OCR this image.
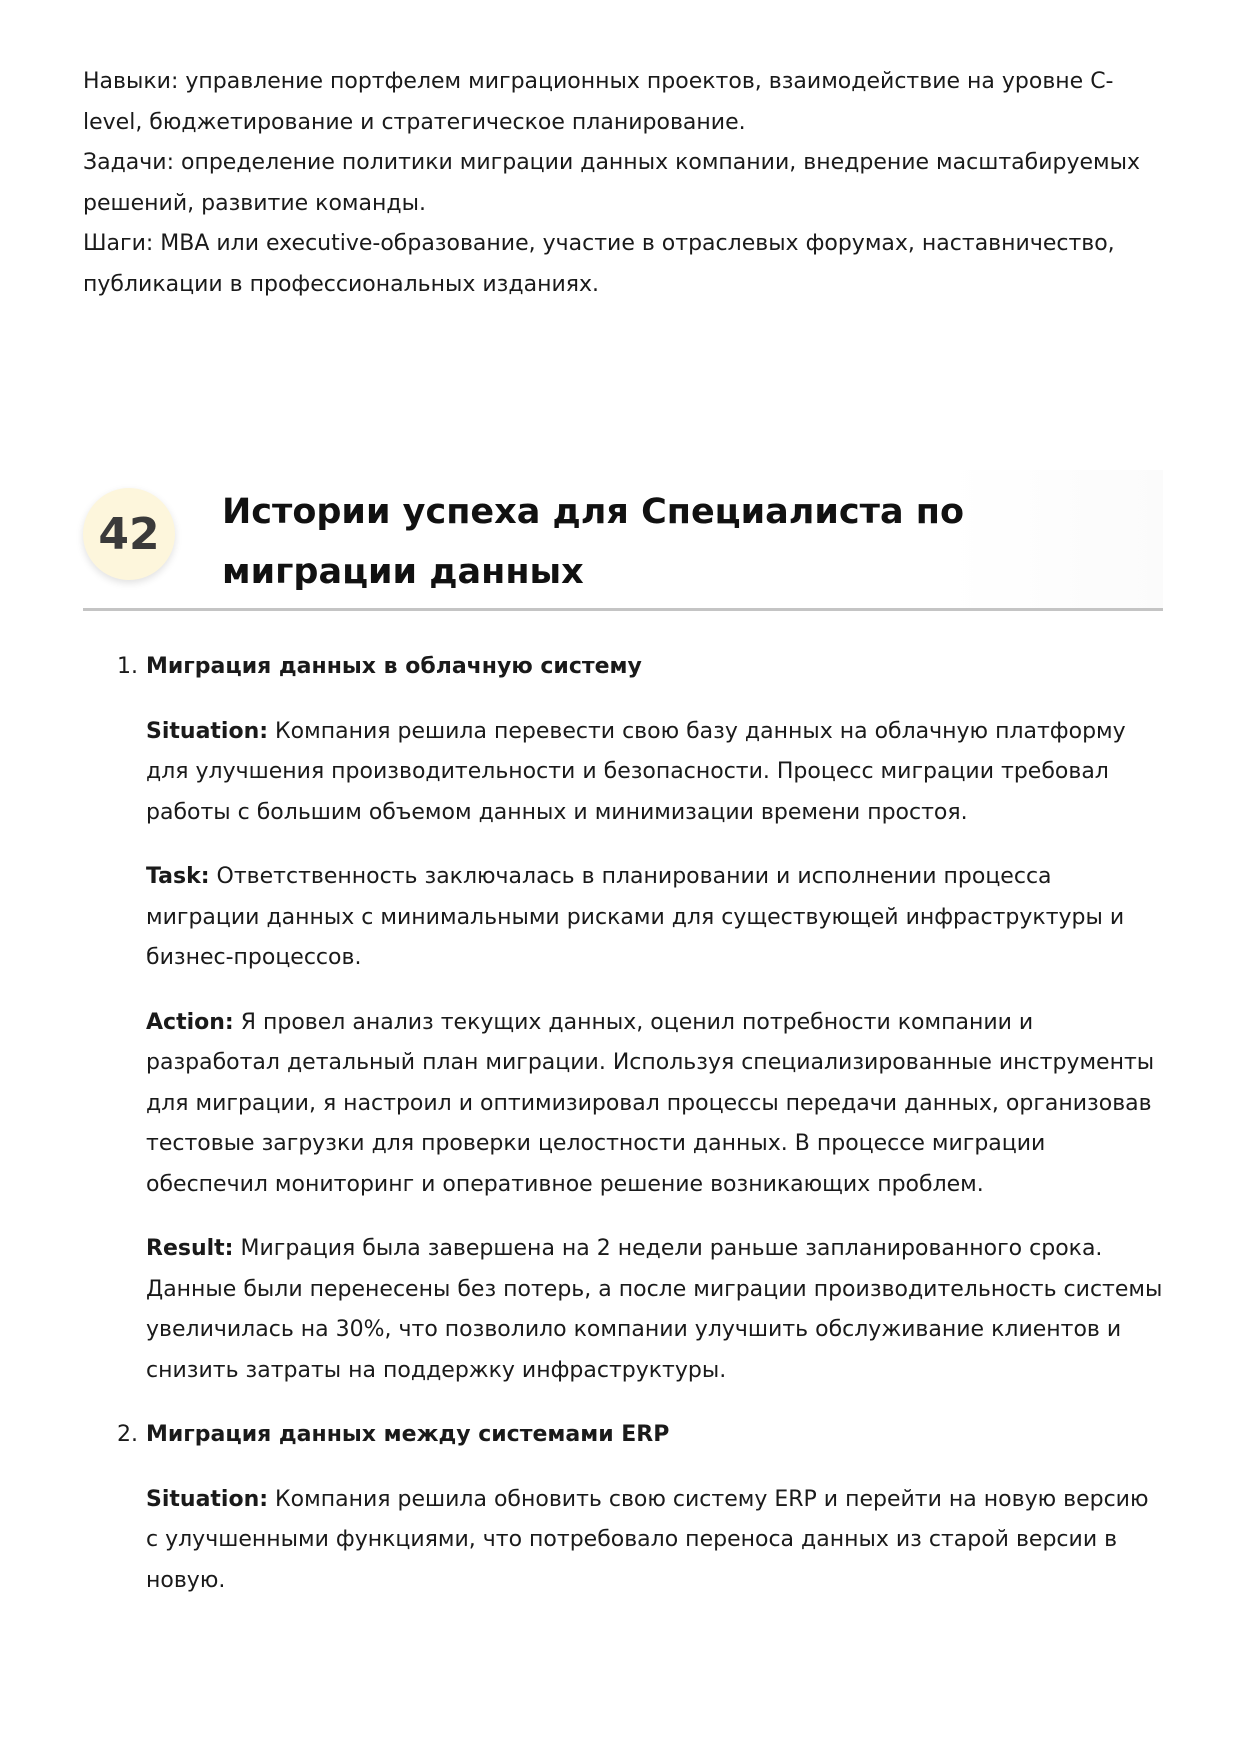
Навыки: управление портфелем миграционных проектов, взаимодействие на уровне C-level, бюджетирование и стратегическое планирование.

Задачи: определение политики миграции данных компании, внедрение масштабируемых решений, развитие команды.

Шаги: MBA или executive-образование, участие в отраслевых форумах, наставничество, публикации в профессиональных изданиях.

42	Истории успеха для Специалиста по миграции данных
1. Миграция данных в облачную систему

Situation: Компания решила перевести свою базу данных на облачную платформу для улучшения производительности и безопасности. Процесс миграции требовал работы с большим объемом данных и минимизации времени простоя.

Task: Ответственность заключалась в планировании и исполнении процесса миграции данных с минимальными рисками для существующей инфраструктуры и бизнес-процессов.

Action: Я провел анализ текущих данных, оценил потребности компании и разработал детальный план миграции. Используя специализированные инструменты для миграции, я настроил и оптимизировал процессы передачи данных, организовав тестовые загрузки для проверки целостности данных. В процессе миграции обеспечил мониторинг и оперативное решение возникающих проблем.

Result: Миграция была завершена на 2 недели раньше запланированного срока. Данные были перенесены без потерь, а после миграции производительность системы увеличилась на 30%, что позволило компании улучшить обслуживание клиентов и снизить затраты на поддержку инфраструктуры.

2. Миграция данных между системами ERP

Situation: Компания решила обновить свою систему ERP и перейти на новую версию с улучшенными функциями, что потребовало переноса данных из старой версии в новую.
